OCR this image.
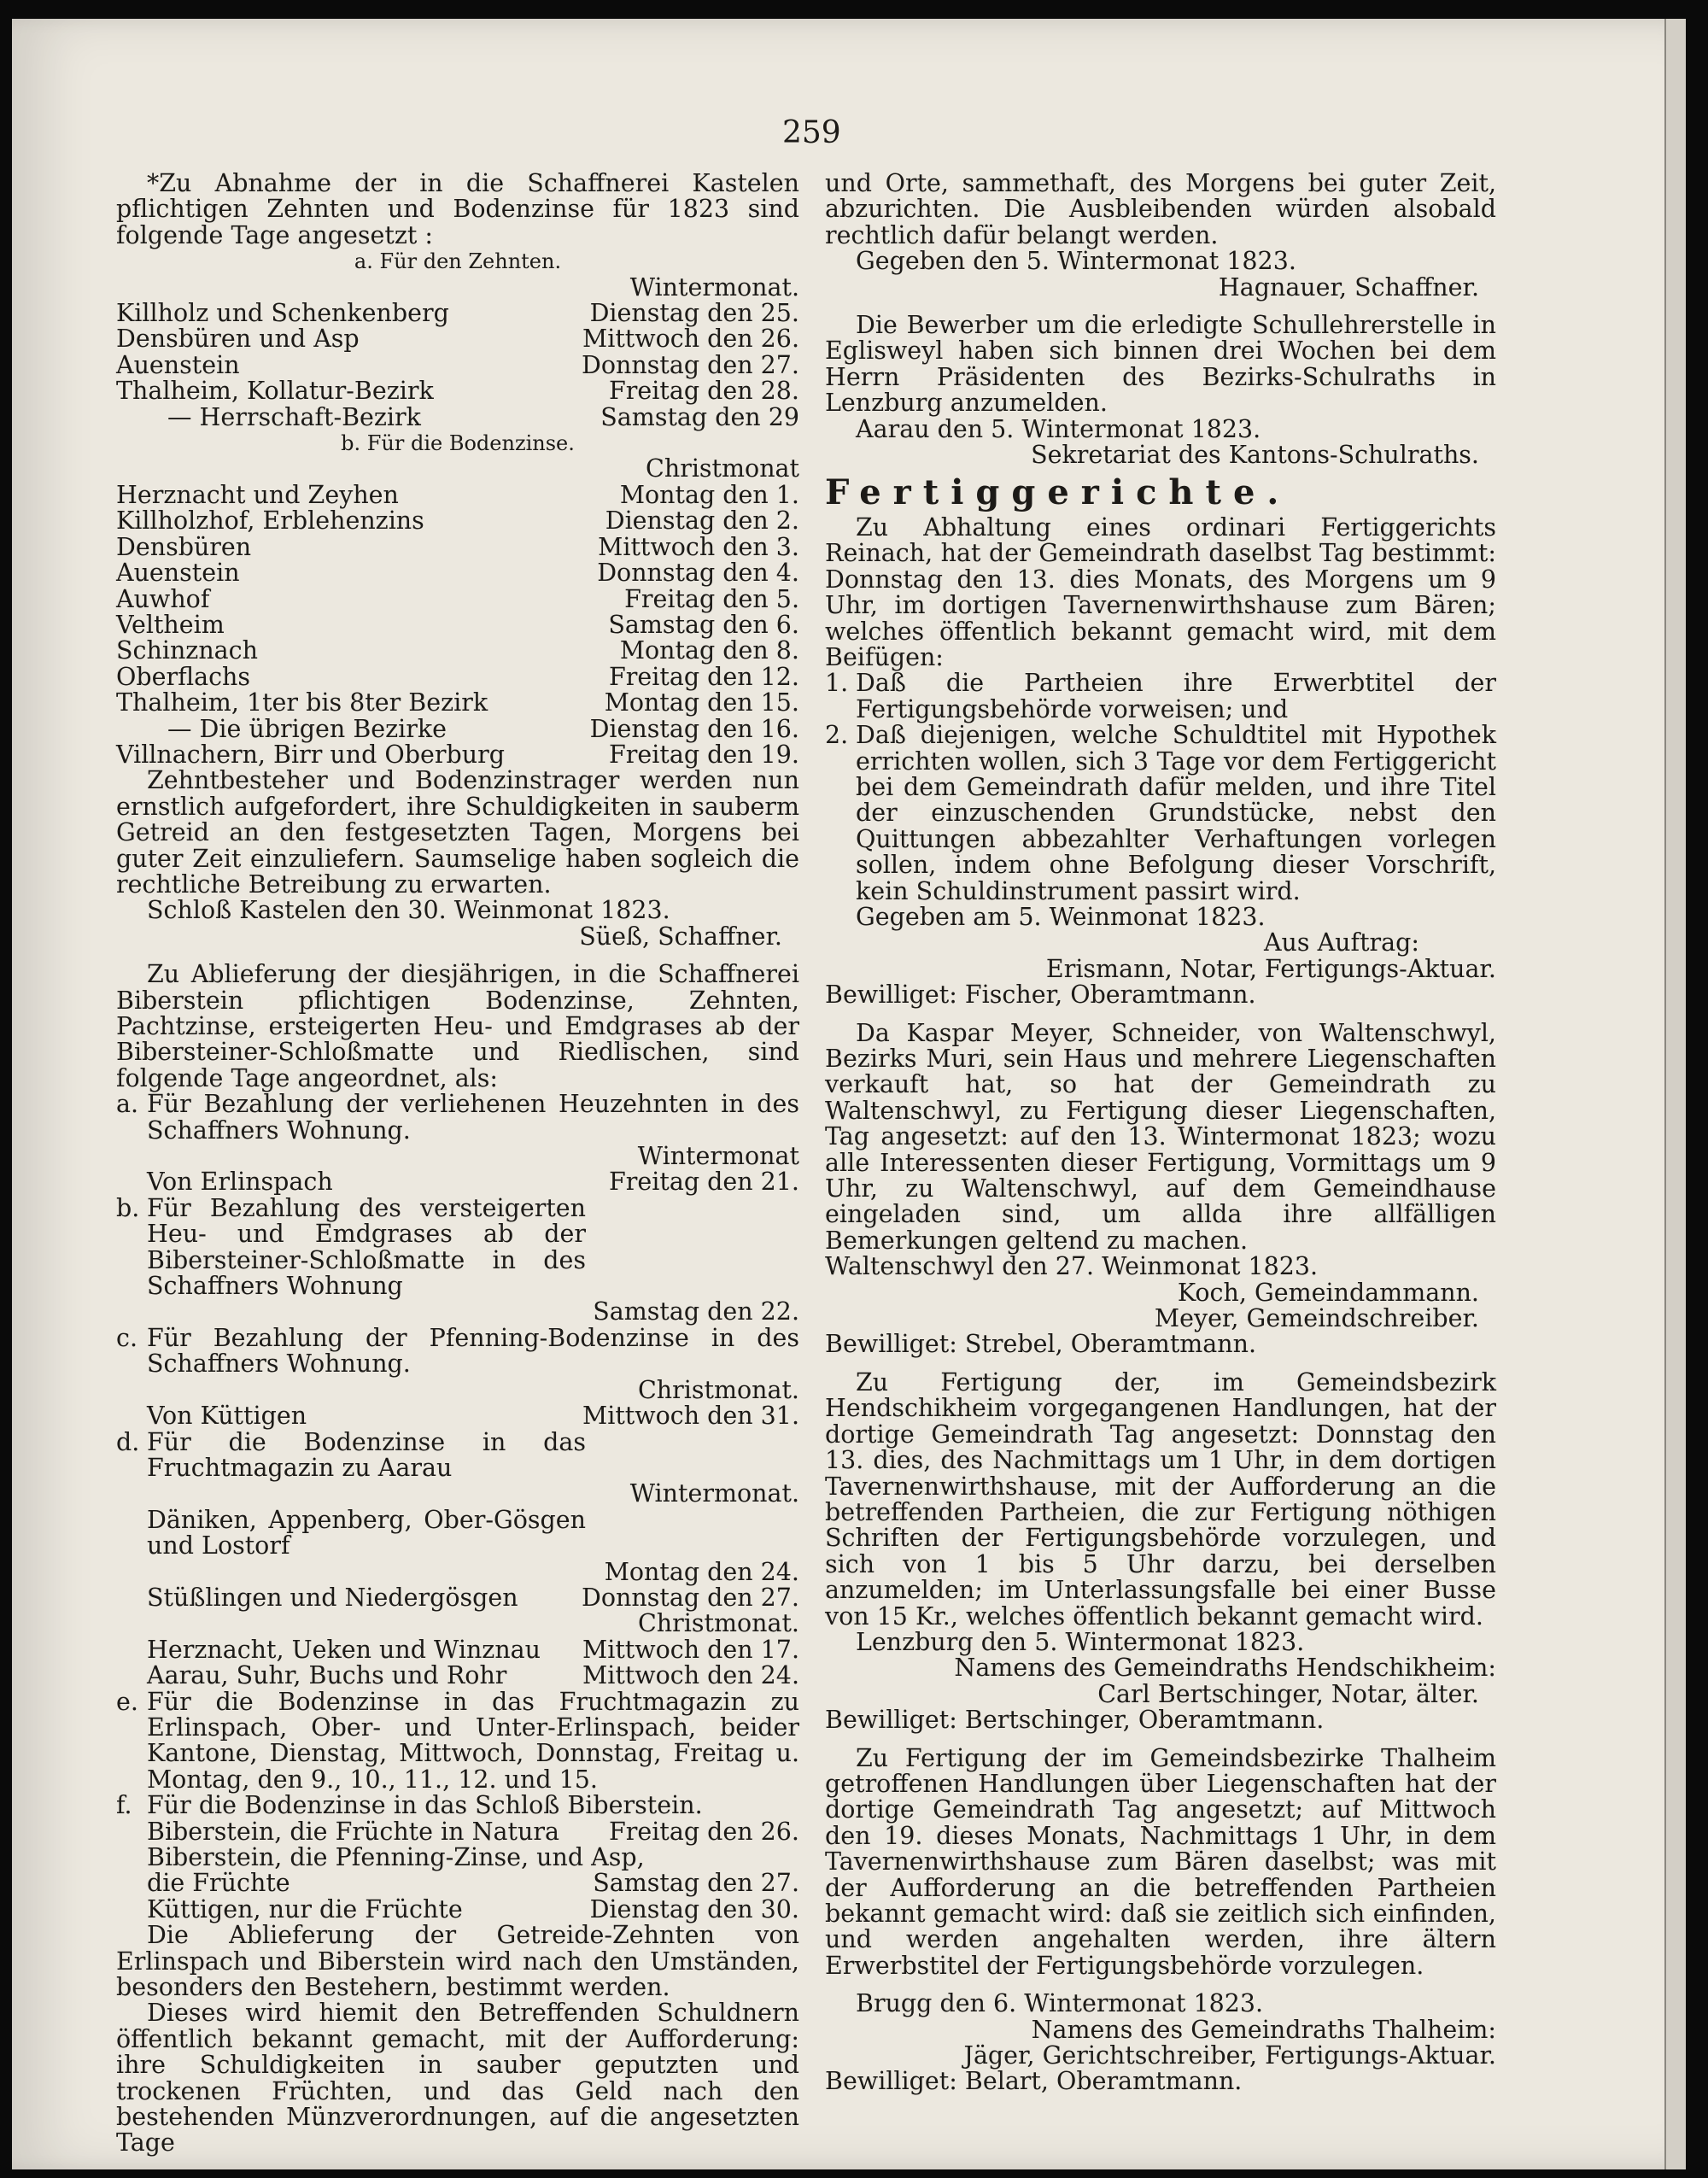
259

*Zu Abnahme der in die Schaffnerei Kastelen pflichtigen Zehnten und Bodenzinse für 1823 sind folgende Tage angesetzt :

a. Für den Zehnten.

Wintermonat.
Killholz und Schenkenberg	Dienstag den 25.
Densbüren und Asp	Mittwoch den 26.
Auenstein	Donnstag den 27.
Thalheim, Kollatur-Bezirk	Freitag den 28.
— Herrschaft-Bezirk	Samstag den 29

b. Für die Bodenzinse.

Christmonat
Herznacht und Zeyhen	Montag den 1.
Killholzhof, Erblehenzins	Dienstag den 2.
Densbüren	Mittwoch den 3.
Auenstein	Donnstag den 4.
Auwhof	Freitag den 5.
Veltheim	Samstag den 6.
Schinznach	Montag den 8.
Oberflachs	Freitag den 12.
Thalheim, 1ter bis 8ter Bezirk	Montag den 15.
— Die übrigen Bezirke	Dienstag den 16.
Villnachern, Birr und Oberburg	Freitag den 19.

Zehntbesteher und Bodenzinstrager werden nun ernstlich aufgefordert, ihre Schuldigkeiten in sauberm Getreid an den festgesetzten Tagen, Morgens bei guter Zeit einzuliefern. Saumselige haben sogleich die rechtliche Betreibung zu erwarten.

Schloß Kastelen den 30. Weinmonat 1823.

Süeß, Schaffner.

Zu Ablieferung der diesjährigen, in die Schaffnerei Biberstein pflichtigen Bodenzinse, Zehnten, Pachtzinse, ersteigerten Heu- und Emdgrases ab der Bibersteiner-Schloßmatte und Riedlischen, sind folgende Tage angeordnet, als:

a. Für Bezahlung der verliehenen Heuzehnten in des Schaffners Wohnung.

Wintermonat
Von Erlinspach	Freitag den 21.
b. Für Bezahlung des versteigerten Heu- und Emdgrases ab der Bibersteiner-Schloßmatte in des Schaffners Wohnung

Samstag den 22.
c. Für Bezahlung der Pfenning-Bodenzinse in des Schaffners Wohnung.

Christmonat.
Von Küttigen	Mittwoch den 31.
d. Für die Bodenzinse in das Fruchtmagazin zu Aarau

Wintermonat.

Däniken, Appenberg, Ober-Gösgen und Lostorf

Montag den 24.
Stüßlingen und Niedergösgen	Donnstag den 27.
Christmonat.
Herznacht, Ueken und Winznau Mittwoch den 17.
Aarau, Suhr, Buchs und Rohr	Mittwoch den 24.
e. Für die Bodenzinse in das Fruchtmagazin zu Erlinspach, Ober- und Unter-Erlinspach, beider Kantone, Dienstag, Mittwoch, Donnstag, Freitag u. Montag, den 9., 10., 11., 12. und 15.

f. Für die Bodenzinse in das Schloß Biberstein.

Biberstein, die Früchte in Natura Freitag den 26.
Biberstein, die Pfenning-Zinse, und Asp,
die Früchte	Samstag den 27.
Küttigen, nur die Früchte	Dienstag den 30.

Die Ablieferung der Getreide-Zehnten von Erlinspach und Biberstein wird nach den Umständen, besonders den Bestehern, bestimmt werden.

Dieses wird hiemit den Betreffenden Schuldnern öffentlich bekannt gemacht, mit der Aufforderung: ihre Schuldigkeiten in sauber geputzten und trockenen Früchten, und das Geld nach den bestehenden Münzverordnungen, auf die angesetzten Tage

und Orte, sammethaft, des Morgens bei guter Zeit, abzurichten. Die Ausbleibenden würden alsobald rechtlich dafür belangt werden.

Gegeben den 5. Wintermonat 1823.

Hagnauer, Schaffner.

Die Bewerber um die erledigte Schullehrerstelle in Eglisweyl haben sich binnen drei Wochen bei dem Herrn Präsidenten des Bezirks-Schulraths in Lenzburg anzumelden.

Aarau den 5. Wintermonat 1823.

Sekretariat des Kantons-Schulraths.

Fertiggerichte.

Zu Abhaltung eines ordinari Fertiggerichts Reinach, hat der Gemeindrath daselbst Tag bestimmt: Donnstag den 13. dies Monats, des Morgens um 9 Uhr, im dortigen Tavernenwirthshause zum Bären; welches öffentlich bekannt gemacht wird, mit dem Beifügen:

1. Daß die Partheien ihre Erwerbtitel der Fertigungsbehörde vorweisen; und

2. Daß diejenigen, welche Schuldtitel mit Hypothek errichten wollen, sich 3 Tage vor dem Fertiggericht bei dem Gemeindrath dafür melden, und ihre Titel der einzuschenden Grundstücke, nebst den Quittungen abbezahlter Verhaftungen vorlegen sollen, indem ohne Befolgung dieser Vorschrift, kein Schuldinstrument passirt wird.

Gegeben am 5. Weinmonat 1823.

Aus Auftrag:

Erismann, Notar, Fertigungs-Aktuar.

Bewilliget: Fischer, Oberamtmann.

Da Kaspar Meyer, Schneider, von Waltenschwyl, Bezirks Muri, sein Haus und mehrere Liegenschaften verkauft hat, so hat der Gemeindrath zu Waltenschwyl, zu Fertigung dieser Liegenschaften, Tag angesetzt: auf den 13. Wintermonat 1823; wozu alle Interessenten dieser Fertigung, Vormittags um 9 Uhr, zu Waltenschwyl, auf dem Gemeindhause eingeladen sind, um allda ihre allfälligen Bemerkungen geltend zu machen.

Waltenschwyl den 27. Weinmonat 1823.

Koch, Gemeindammann.

Meyer, Gemeindschreiber.

Bewilliget: Strebel, Oberamtmann.

Zu Fertigung der, im Gemeindsbezirk Hendschikheim vorgegangenen Handlungen, hat der dortige Gemeindrath Tag angesetzt: Donnstag den 13. dies, des Nachmittags um 1 Uhr, in dem dortigen Tavernenwirthshause, mit der Aufforderung an die betreffenden Partheien, die zur Fertigung nöthigen Schriften der Fertigungsbehörde vorzulegen, und sich von 1 bis 5 Uhr darzu, bei derselben anzumelden; im Unterlassungsfalle bei einer Busse von 15 Kr., welches öffentlich bekannt gemacht wird.

Lenzburg den 5. Wintermonat 1823.

Namens des Gemeindraths Hendschikheim:

Carl Bertschinger, Notar, älter.

Bewilliget: Bertschinger, Oberamtmann.

Zu Fertigung der im Gemeindsbezirke Thalheim getroffenen Handlungen über Liegenschaften hat der dortige Gemeindrath Tag angesetzt; auf Mittwoch den 19. dieses Monats, Nachmittags 1 Uhr, in dem Tavernenwirthshause zum Bären daselbst; was mit der Aufforderung an die betreffenden Partheien bekannt gemacht wird: daß sie zeitlich sich einfinden, und werden angehalten werden, ihre ältern Erwerbstitel der Fertigungsbehörde vorzulegen.

Brugg den 6. Wintermonat 1823.

Namens des Gemeindraths Thalheim:

Jäger, Gerichtschreiber, Fertigungs-Aktuar.

Bewilliget: Belart, Oberamtmann.
